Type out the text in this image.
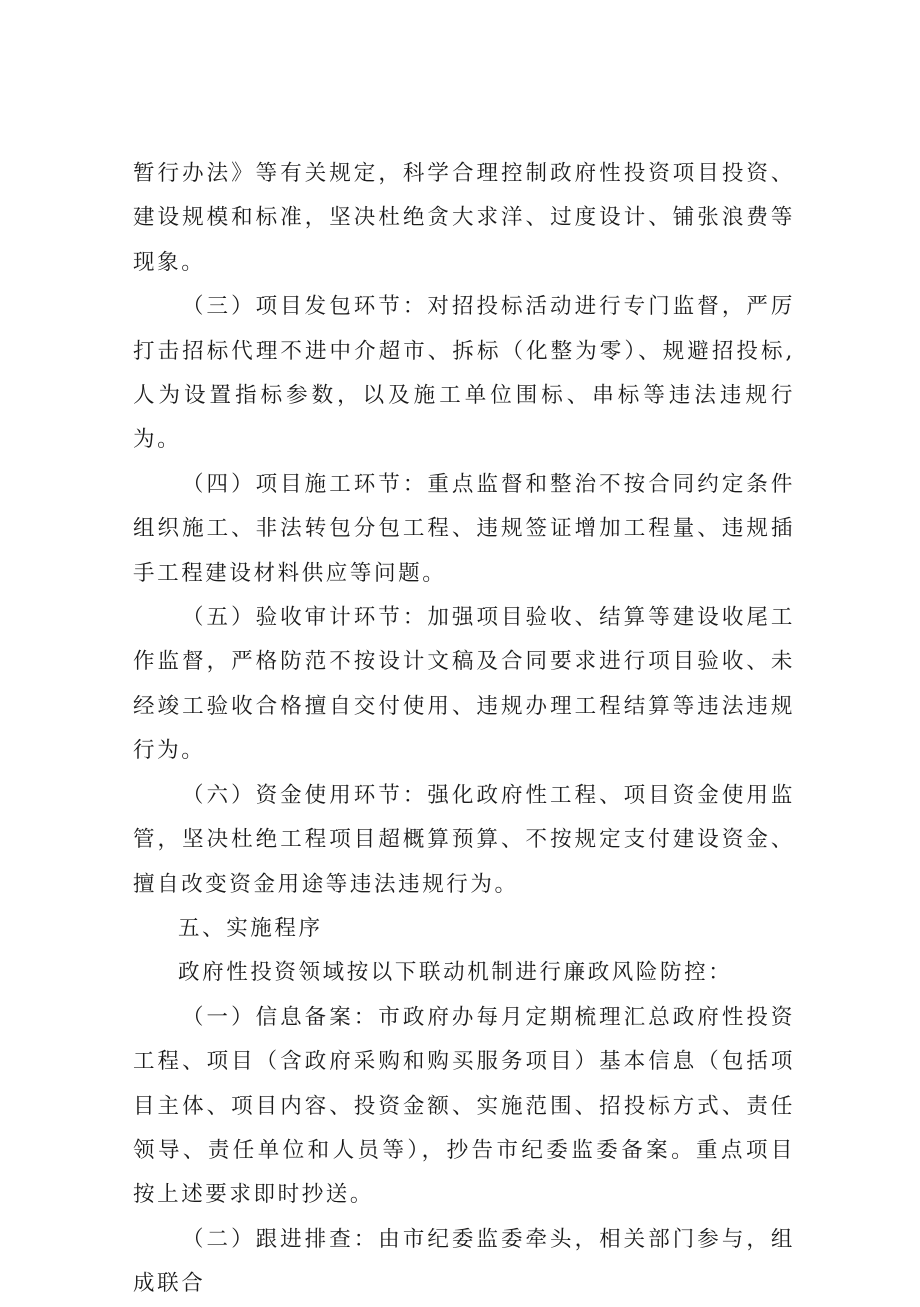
暂行办法》等有关规定，科学合理控制政府性投资项目投资、建设规模和标准，坚决杜绝贪大求洋、过度设计、铺张浪费等现象。

（三）项目发包环节：对招投标活动进行专门监督，严厉打击招标代理不进中介超市、拆标（化整为零）、规避招投标,人为设置指标参数，以及施工单位围标、串标等违法违规行为。

（四）项目施工环节：重点监督和整治不按合同约定条件组织施工、非法转包分包工程、违规签证增加工程量、违规插手工程建设材料供应等问题。

（五）验收审计环节：加强项目验收、结算等建设收尾工作监督，严格防范不按设计文稿及合同要求进行项目验收、未经竣工验收合格擅自交付使用、违规办理工程结算等违法违规行为。

（六）资金使用环节：强化政府性工程、项目资金使用监管，坚决杜绝工程项目超概算预算、不按规定支付建设资金、擅自改变资金用途等违法违规行为。

五、实施程序

政府性投资领域按以下联动机制进行廉政风险防控：

（一）信息备案：市政府办每月定期梳理汇总政府性投资工程、项目（含政府采购和购买服务项目）基本信息（包括项目主体、项目内容、投资金额、实施范围、招投标方式、责任领导、责任单位和人员等），抄告市纪委监委备案。重点项目按上述要求即时抄送。

（二）跟进排查：由市纪委监委牵头，相关部门参与，组成联合
